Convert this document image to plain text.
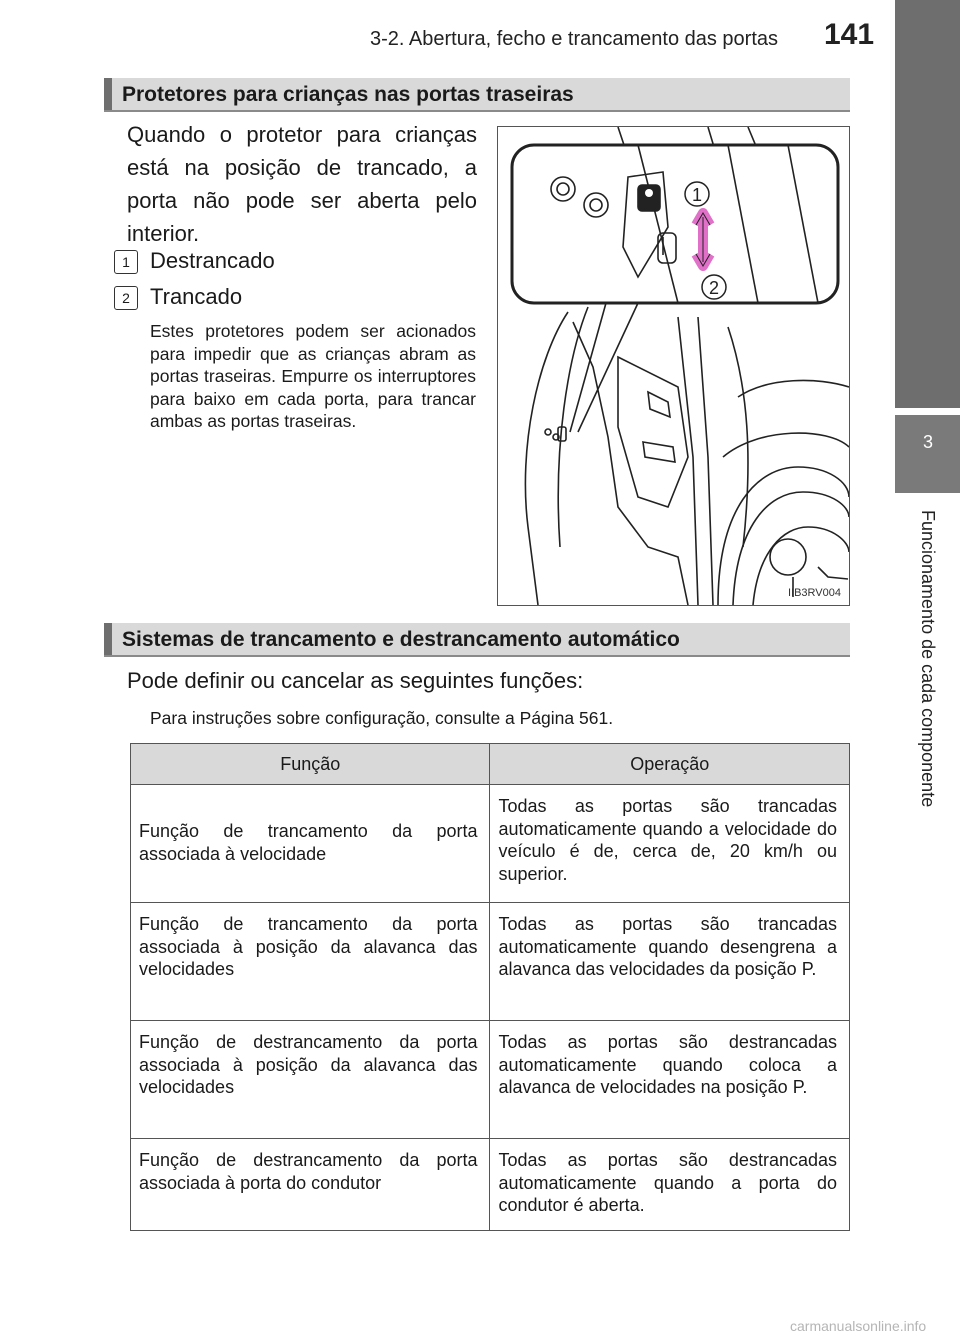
3-2. Abertura, fecho e trancamento das portas 141
3
Funcionamento de cada componente
Protetores para crianças nas portas traseiras
Quando o protetor para crianças está na posição de trancado, a porta não pode ser aberta pelo interior.
1 Destrancado
2 Trancado
Estes protetores podem ser acionados para impedir que as crianças abram as portas traseiras. Empurre os interruptores para baixo em cada porta, para trancar ambas as portas traseiras.
1
2
IIB3RV004
Sistemas de trancamento e destrancamento automático
Pode definir ou cancelar as seguintes funções:
Para instruções sobre configuração, consulte a Página 561.
Função	Operação
Função de trancamento da porta associada à velocidade	Todas as portas são trancadas automaticamente quando a velocidade do veículo é de, cerca de, 20 km/h ou superior.
Função de trancamento da porta associada à posição da alavanca das velocidades	Todas as portas são trancadas automaticamente quando desengrena a alavanca das velocidades da posição P.
Função de destrancamento da porta associada à posição da alavanca das velocidades	Todas as portas são destrancadas automaticamente quando coloca a alavanca de velocidades na posição P.
Função de destrancamento da porta associada à porta do condutor	Todas as portas são destrancadas automaticamente quando a porta do condutor é aberta.
carmanualsonline.info
